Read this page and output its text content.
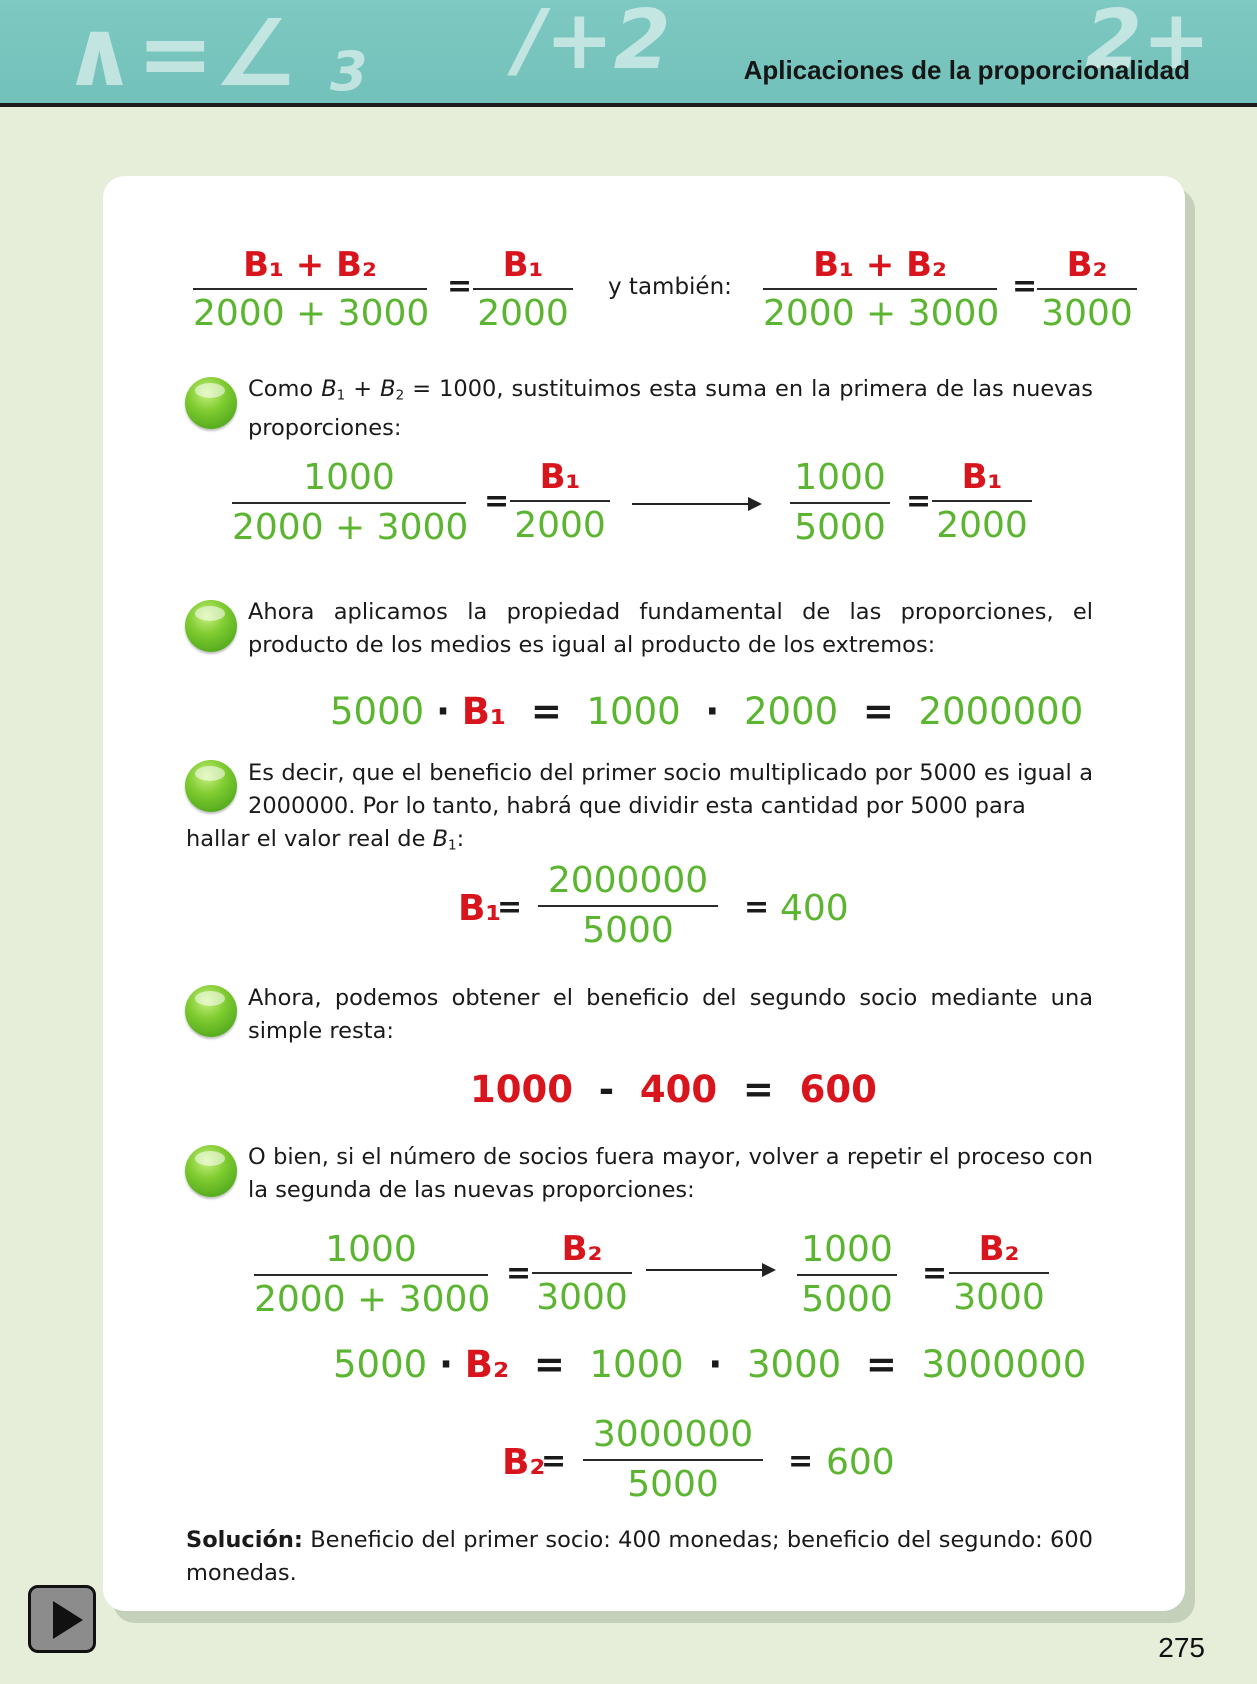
∧=∠ 3 /+2	2+
Aplicaciones de la proporcionalidad
B₁ + B₂
2000 + 3000
=
B₁
2000
y también:
B₁ + B₂
2000 + 3000
=
B₂
3000
Como $B_1 + B_2 = 1000$, sustituimos esta suma en la primera de las nuevas proporciones:
1000
2000 + 3000
=
B₁
2000
1000
5000
=
B₁
2000
Ahora aplicamos la propiedad fundamental de las proporciones, el producto de los medios es igual al producto de los extremos:
5000 · B₁  =  1000  ·  2000  =  2000000
Es decir, que el beneficio del primer socio multiplicado por 5000 es igual a 2000000. Por lo tanto, habrá que dividir esta cantidad por 5000 para
hallar el valor real de $B_1$:
B₁
=
2000000
5000
= 400
Ahora, podemos obtener el beneficio del segundo socio mediante una simple resta:
1000  -  400  =  600
O bien, si el número de socios fuera mayor, volver a repetir el proceso con la segunda de las nuevas proporciones:
1000
2000 + 3000
=
B₂
3000
1000
5000
=
B₂
3000
5000 · B₂  =  1000  ·  3000  =  3000000
B₂
=
3000000
5000
= 600
Solución: Beneficio del primer socio: 400 monedas; beneficio del segundo: 600 monedas.
275
